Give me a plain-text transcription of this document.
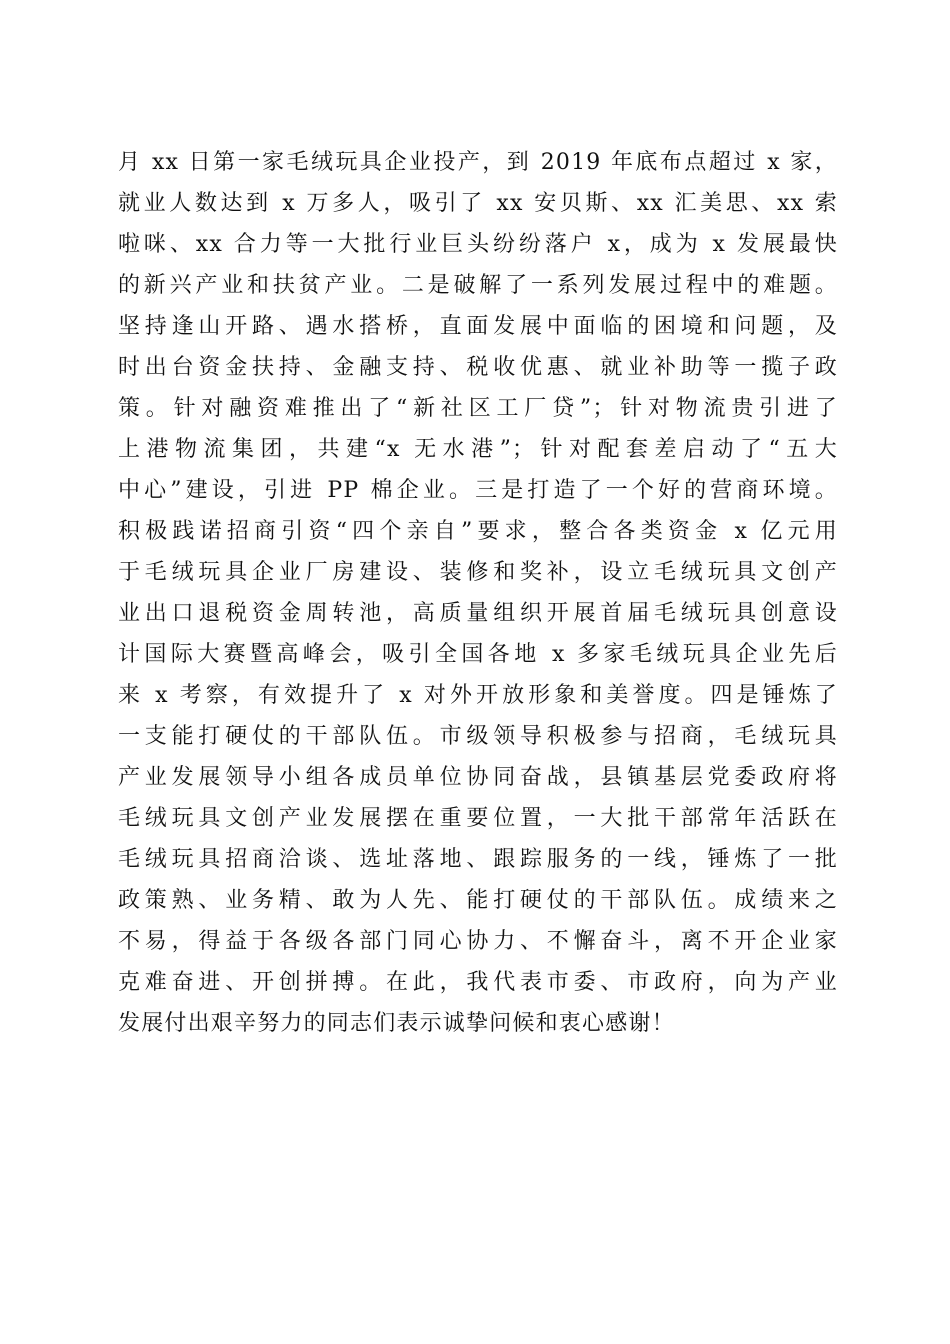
月 xx 日第一家毛绒玩具企业投产，到 2019 年底布点超过 x 家，
就业人数达到 x 万多人，吸引了 xx 安贝斯、xx 汇美思、xx 索
啦咪、xx 合力等一大批行业巨头纷纷落户 x，成为 x 发展最快
的新兴产业和扶贫产业。二是破解了一系列发展过程中的难题。
坚持逢山开路、遇水搭桥，直面发展中面临的困境和问题，及
时出台资金扶持、金融支持、税收优惠、就业补助等一揽子政
策。针对融资难推出了“新社区工厂贷”；针对物流贵引进了
上港物流集团，共建“x 无水港”；针对配套差启动了“五大
中心”建设，引进 PP 棉企业。三是打造了一个好的营商环境。
积极践诺招商引资“四个亲自”要求，整合各类资金 x 亿元用
于毛绒玩具企业厂房建设、装修和奖补，设立毛绒玩具文创产
业出口退税资金周转池，高质量组织开展首届毛绒玩具创意设
计国际大赛暨高峰会，吸引全国各地 x 多家毛绒玩具企业先后
来 x 考察，有效提升了 x 对外开放形象和美誉度。四是锤炼了
一支能打硬仗的干部队伍。市级领导积极参与招商，毛绒玩具
产业发展领导小组各成员单位协同奋战，县镇基层党委政府将
毛绒玩具文创产业发展摆在重要位置，一大批干部常年活跃在
毛绒玩具招商洽谈、选址落地、跟踪服务的一线，锤炼了一批
政策熟、业务精、敢为人先、能打硬仗的干部队伍。成绩来之
不易，得益于各级各部门同心协力、不懈奋斗，离不开企业家
克难奋进、开创拼搏。在此，我代表市委、市政府，向为产业
发展付出艰辛努力的同志们表示诚挚问候和衷心感谢！
